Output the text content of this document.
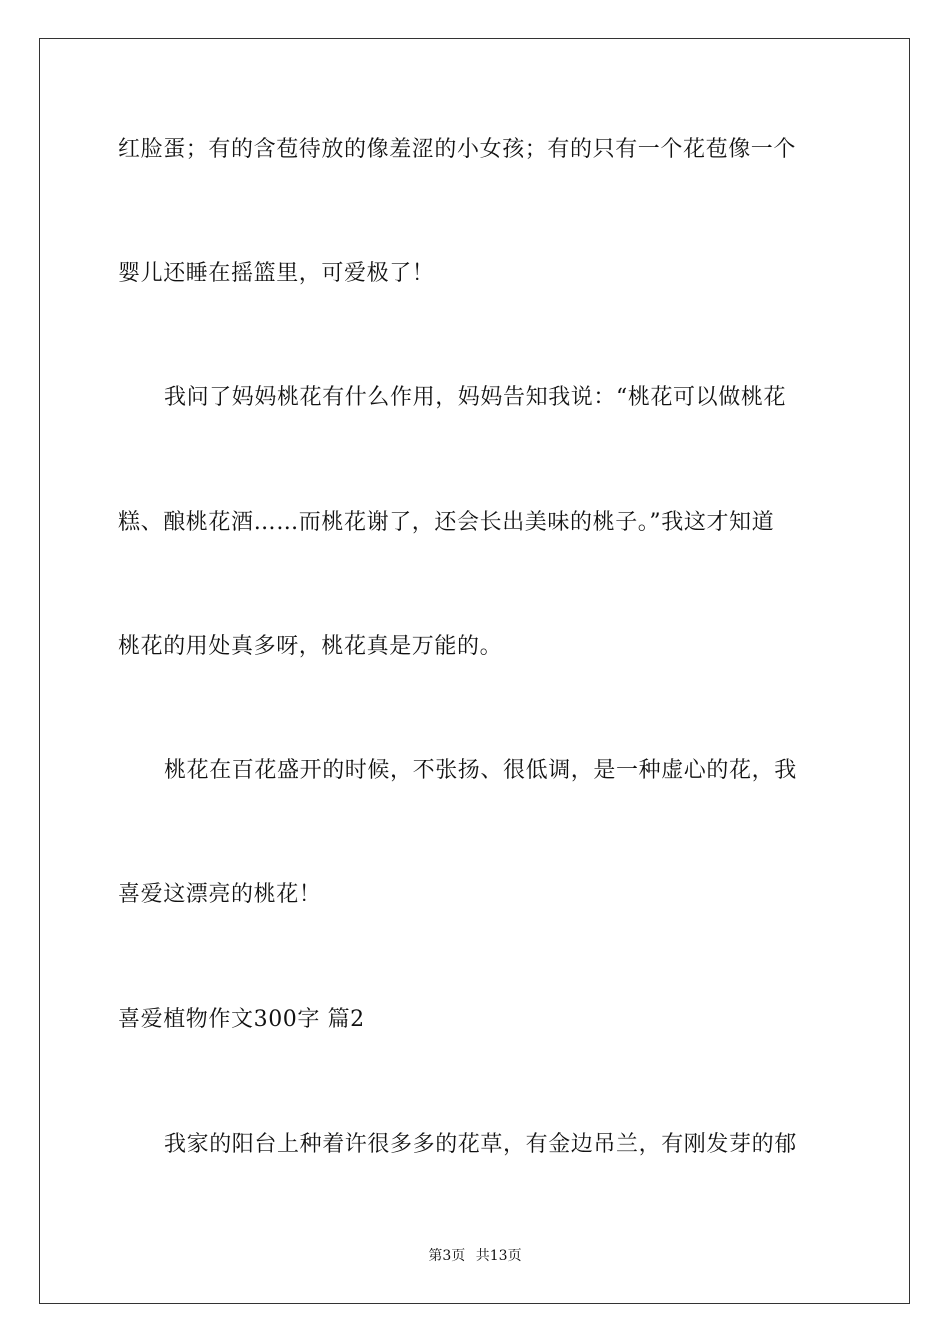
红脸蛋；有的含苞待放的像羞涩的小女孩；有的只有一个花苞像一个
婴儿还睡在摇篮里，可爱极了！
我问了妈妈桃花有什么作用，妈妈告知我说：“桃花可以做桃花
糕、酿桃花酒……而桃花谢了，还会长出美味的桃子。”我这才知道
桃花的用处真多呀，桃花真是万能的。
桃花在百花盛开的时候，不张扬、很低调，是一种虚心的花，我
喜爱这漂亮的桃花！
喜爱植物作文300字 篇2
我家的阳台上种着许很多多的花草，有金边吊兰，有刚发芽的郁
第3页 共13页
